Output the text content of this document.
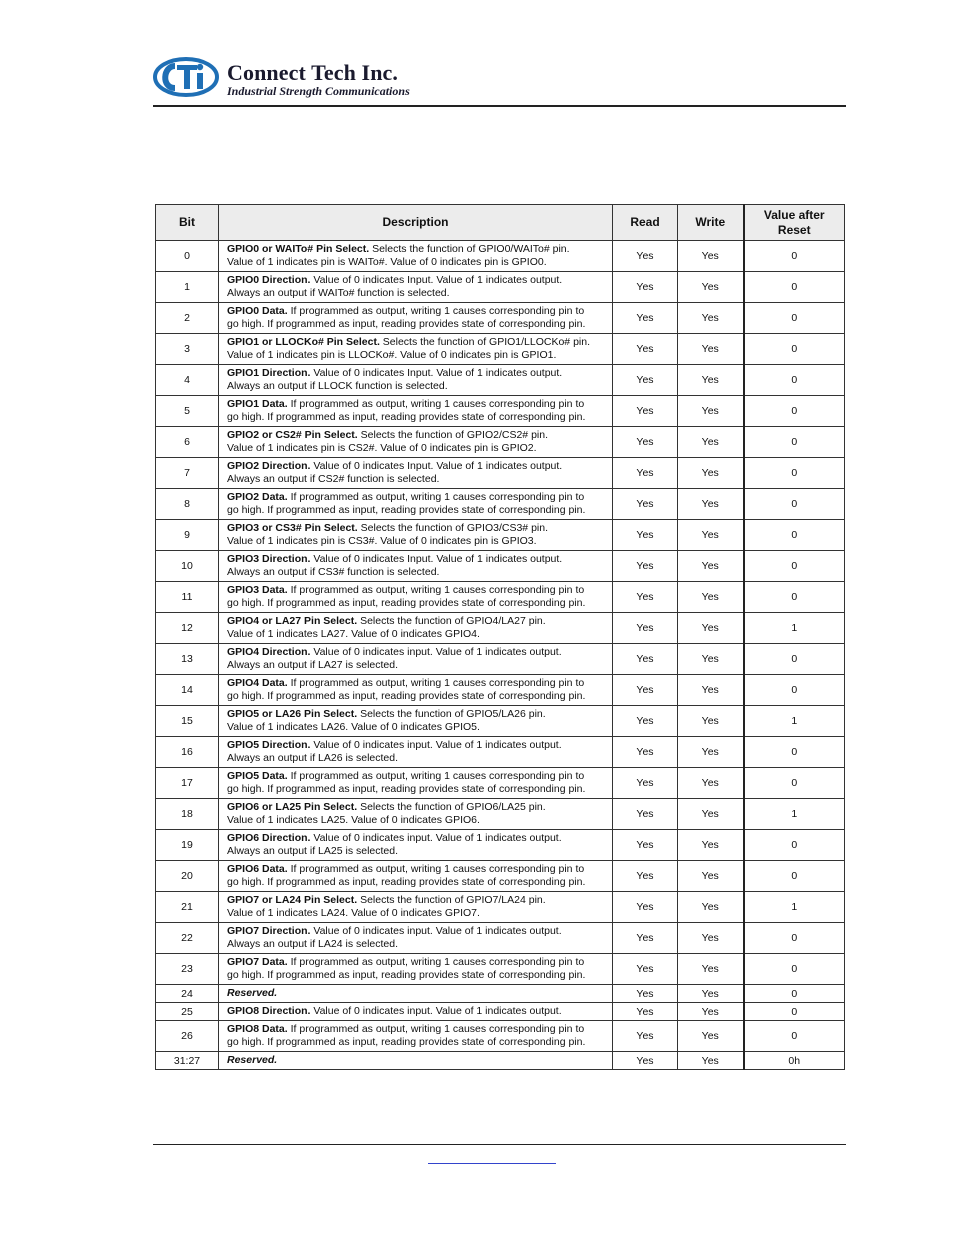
Connect Tech Inc.
Industrial Strength Communications
Bit	Description	Read	Write	Value after
Reset
0	GPIO0 or WAITo# Pin Select. Selects the function of GPIO0/WAITo# pin.
Value of 1 indicates pin is WAITo#. Value of 0 indicates pin is GPIO0.	Yes	Yes	0
1	GPIO0 Direction. Value of 0 indicates Input. Value of 1 indicates output.
Always an output if WAITo# function is selected.	Yes	Yes	0
2	GPIO0 Data. If programmed as output, writing 1 causes corresponding pin to
go high. If programmed as input, reading provides state of corresponding pin.	Yes	Yes	0
3	GPIO1 or LLOCKo# Pin Select. Selects the function of GPIO1/LLOCKo# pin.
Value of 1 indicates pin is LLOCKo#. Value of 0 indicates pin is GPIO1.	Yes	Yes	0
4	GPIO1 Direction. Value of 0 indicates Input. Value of 1 indicates output.
Always an output if LLOCK function is selected.	Yes	Yes	0
5	GPIO1 Data. If programmed as output, writing 1 causes corresponding pin to
go high. If programmed as input, reading provides state of corresponding pin.	Yes	Yes	0
6	GPIO2 or CS2# Pin Select. Selects the function of GPIO2/CS2# pin.
Value of 1 indicates pin is CS2#. Value of 0 indicates pin is GPIO2.	Yes	Yes	0
7	GPIO2 Direction. Value of 0 indicates Input. Value of 1 indicates output.
Always an output if CS2# function is selected.	Yes	Yes	0
8	GPIO2 Data. If programmed as output, writing 1 causes corresponding pin to
go high. If programmed as input, reading provides state of corresponding pin.	Yes	Yes	0
9	GPIO3 or CS3# Pin Select. Selects the function of GPIO3/CS3# pin.
Value of 1 indicates pin is CS3#. Value of 0 indicates pin is GPIO3.	Yes	Yes	0
10	GPIO3 Direction. Value of 0 indicates Input. Value of 1 indicates output.
Always an output if CS3# function is selected.	Yes	Yes	0
11	GPIO3 Data. If programmed as output, writing 1 causes corresponding pin to
go high. If programmed as input, reading provides state of corresponding pin.	Yes	Yes	0
12	GPIO4 or LA27 Pin Select. Selects the function of GPIO4/LA27 pin.
Value of 1 indicates LA27. Value of 0 indicates GPIO4.	Yes	Yes	1
13	GPIO4 Direction. Value of 0 indicates input. Value of 1 indicates output.
Always an output if LA27 is selected.	Yes	Yes	0
14	GPIO4 Data. If programmed as output, writing 1 causes corresponding pin to
go high. If programmed as input, reading provides state of corresponding pin.	Yes	Yes	0
15	GPIO5 or LA26 Pin Select. Selects the function of GPIO5/LA26 pin.
Value of 1 indicates LA26. Value of 0 indicates GPIO5.	Yes	Yes	1
16	GPIO5 Direction. Value of 0 indicates input. Value of 1 indicates output.
Always an output if LA26 is selected.	Yes	Yes	0
17	GPIO5 Data. If programmed as output, writing 1 causes corresponding pin to
go high. If programmed as input, reading provides state of corresponding pin.	Yes	Yes	0
18	GPIO6 or LA25 Pin Select. Selects the function of GPIO6/LA25 pin.
Value of 1 indicates LA25. Value of 0 indicates GPIO6.	Yes	Yes	1
19	GPIO6 Direction. Value of 0 indicates input. Value of 1 indicates output.
Always an output if LA25 is selected.	Yes	Yes	0
20	GPIO6 Data. If programmed as output, writing 1 causes corresponding pin to
go high. If programmed as input, reading provides state of corresponding pin.	Yes	Yes	0
21	GPIO7 or LA24 Pin Select. Selects the function of GPIO7/LA24 pin.
Value of 1 indicates LA24. Value of 0 indicates GPIO7.	Yes	Yes	1
22	GPIO7 Direction. Value of 0 indicates input. Value of 1 indicates output.
Always an output if LA24 is selected.	Yes	Yes	0
23	GPIO7 Data. If programmed as output, writing 1 causes corresponding pin to
go high. If programmed as input, reading provides state of corresponding pin.	Yes	Yes	0
24	Reserved.	Yes	Yes	0
25	GPIO8 Direction. Value of 0 indicates input. Value of 1 indicates output.	Yes	Yes	0
26	GPIO8 Data. If programmed as output, writing 1 causes corresponding pin to
go high. If programmed as input, reading provides state of corresponding pin.	Yes	Yes	0
31:27	Reserved.	Yes	Yes	0h
